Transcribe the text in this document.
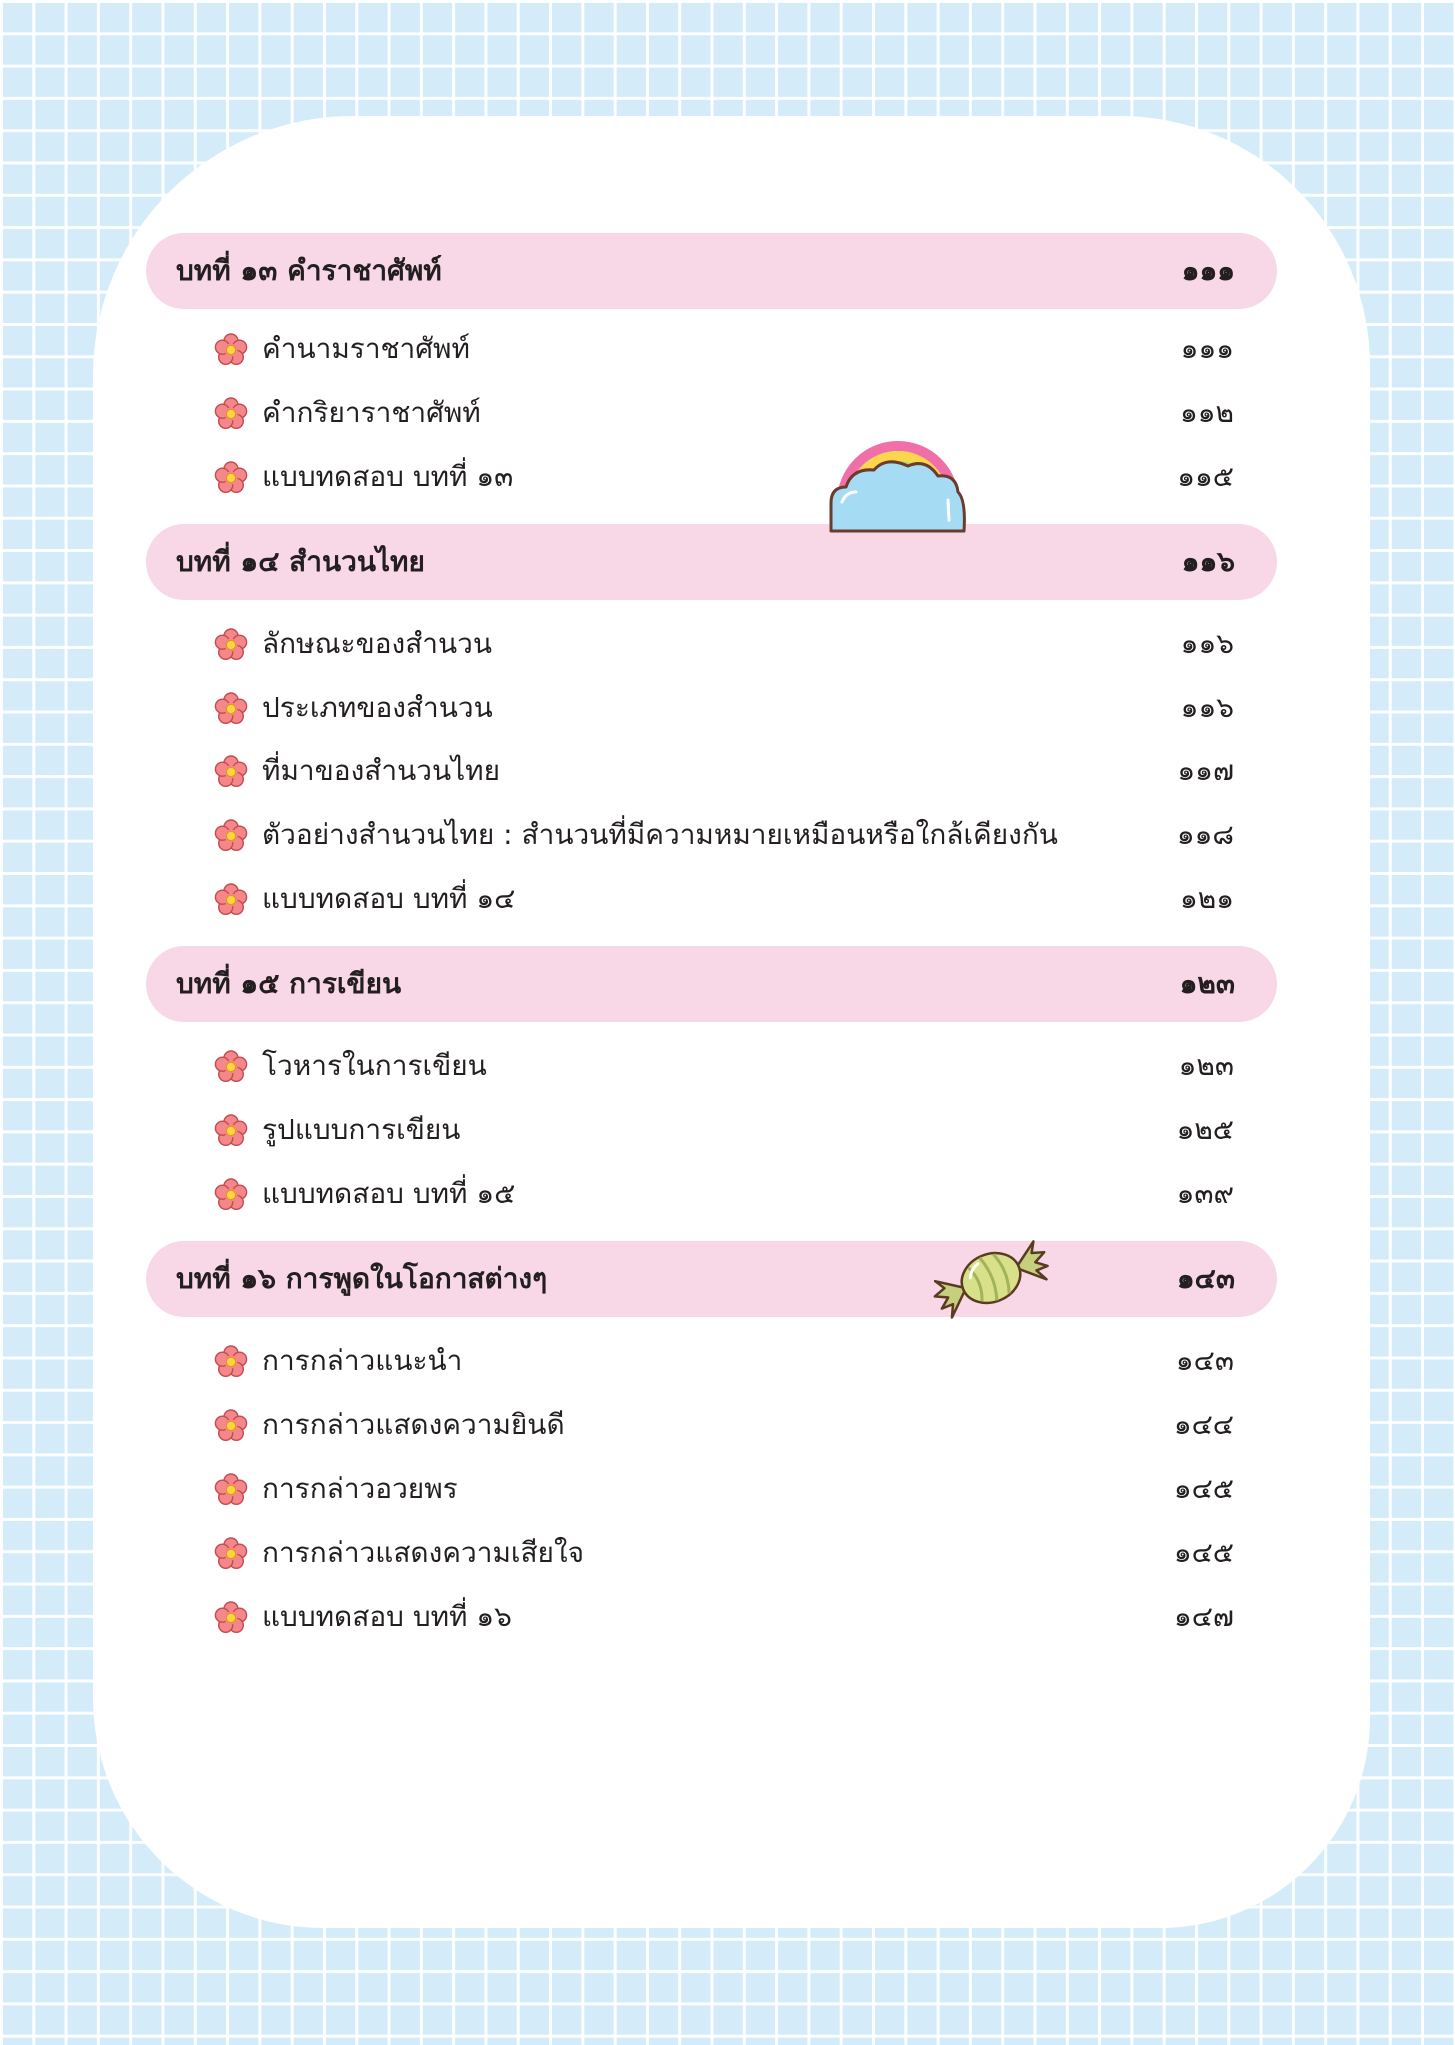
บทที่ ๑๓ คำราชาศัพท์	๑๑๑
คำนามราชาศัพท์	๑๑๑
คำกริยาราชาศัพท์	๑๑๒
แบบทดสอบ บทที่ ๑๓	๑๑๕
บทที่ ๑๔ สำนวนไทย	๑๑๖
ลักษณะของสำนวน	๑๑๖
ประเภทของสำนวน	๑๑๖
ที่มาของสำนวนไทย	๑๑๗
ตัวอย่างสำนวนไทย : สำนวนที่มีความหมายเหมือนหรือใกล้เคียงกัน	๑๑๘
แบบทดสอบ บทที่ ๑๔	๑๒๑
บทที่ ๑๕ การเขียน	๑๒๓
โวหารในการเขียน	๑๒๓
รูปแบบการเขียน	๑๒๕
แบบทดสอบ บทที่ ๑๕	๑๓๙
บทที่ ๑๖ การพูดในโอกาสต่างๆ	๑๔๓
การกล่าวแนะนำ	๑๔๓
การกล่าวแสดงความยินดี	๑๔๔
การกล่าวอวยพร	๑๔๕
การกล่าวแสดงความเสียใจ	๑๔๕
แบบทดสอบ บทที่ ๑๖	๑๔๗
